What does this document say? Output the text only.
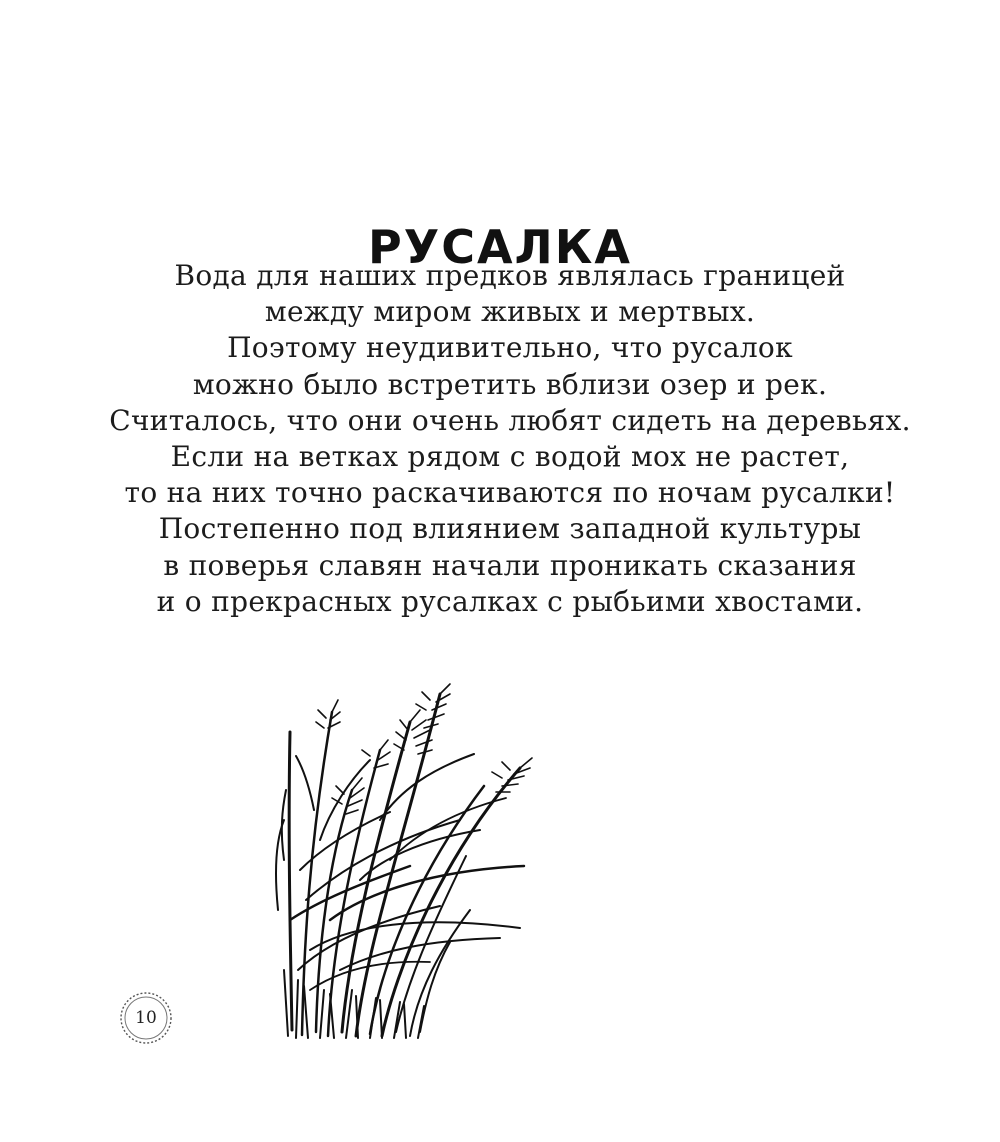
РУСАЛКА
Вода для наших предков являлась границей
между миром живых и мертвых.
Поэтому неудивительно, что русалок
можно было встретить вблизи озер и рек.
Считалось, что они очень любят сидеть на деревьях.
Если на ветках рядом с водой мох не растет,
то на них точно раскачиваются по ночам русалки!
Постепенно под влиянием западной культуры
в поверья славян начали проникать сказания
и о прекрасных русалках с рыбьими хвостами.
10
